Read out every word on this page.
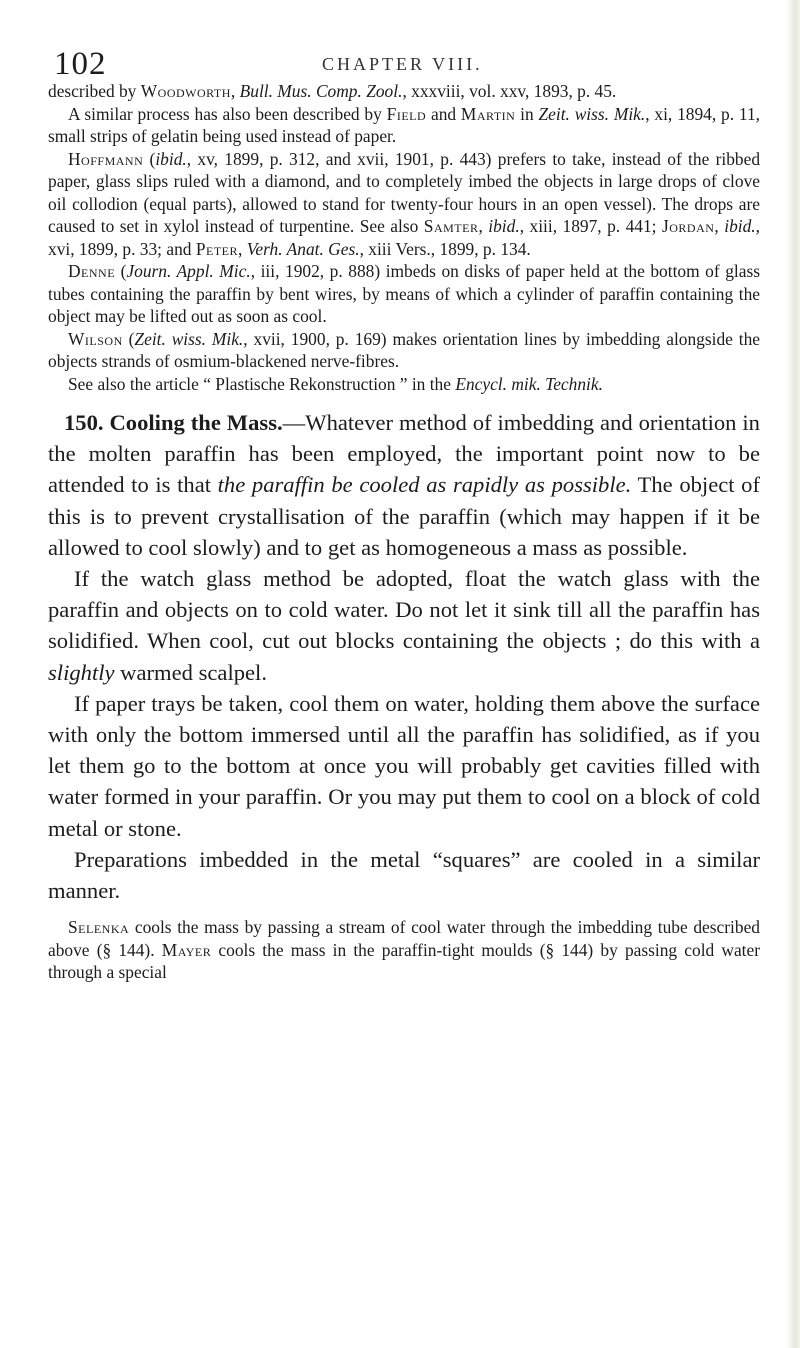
102	CHAPTER VIII.

described by Woodworth, Bull. Mus. Comp. Zool., xxxviii, vol. xxv, 1893, p. 45.

A similar process has also been described by Field and Martin in Zeit. wiss. Mik., xi, 1894, p. 11, small strips of gelatin being used instead of paper.

Hoffmann (ibid., xv, 1899, p. 312, and xvii, 1901, p. 443) prefers to take, instead of the ribbed paper, glass slips ruled with a diamond, and to completely imbed the objects in large drops of clove oil collodion (equal parts), allowed to stand for twenty-four hours in an open vessel). The drops are caused to set in xylol instead of turpentine. See also Samter, ibid., xiii, 1897, p. 441; Jordan, ibid., xvi, 1899, p. 33; and Peter, Verh. Anat. Ges., xiii Vers., 1899, p. 134.

Denne (Journ. Appl. Mic., iii, 1902, p. 888) imbeds on disks of paper held at the bottom of glass tubes containing the paraffin by bent wires, by means of which a cylinder of paraffin containing the object may be lifted out as soon as cool.

Wilson (Zeit. wiss. Mik., xvii, 1900, p. 169) makes orientation lines by imbedding alongside the objects strands of osmium-blackened nerve-fibres.

See also the article “ Plastische Rekonstruction ” in the Encycl. mik. Technik.

150. Cooling the Mass.—Whatever method of imbedding and orientation in the molten paraffin has been employed, the important point now to be attended to is that the paraffin be cooled as rapidly as possible. The object of this is to prevent crystallisation of the paraffin (which may happen if it be allowed to cool slowly) and to get as homogeneous a mass as possible.

If the watch glass method be adopted, float the watch glass with the paraffin and objects on to cold water. Do not let it sink till all the paraffin has solidified. When cool, cut out blocks containing the objects ; do this with a slightly warmed scalpel.

If paper trays be taken, cool them on water, holding them above the surface with only the bottom immersed until all the paraffin has solidified, as if you let them go to the bottom at once you will probably get cavities filled with water formed in your paraffin. Or you may put them to cool on a block of cold metal or stone.

Preparations imbedded in the metal “squares” are cooled in a similar manner.

Selenka cools the mass by passing a stream of cool water through the imbedding tube described above (§ 144). Mayer cools the mass in the paraffin-tight moulds (§ 144) by passing cold water through a special
